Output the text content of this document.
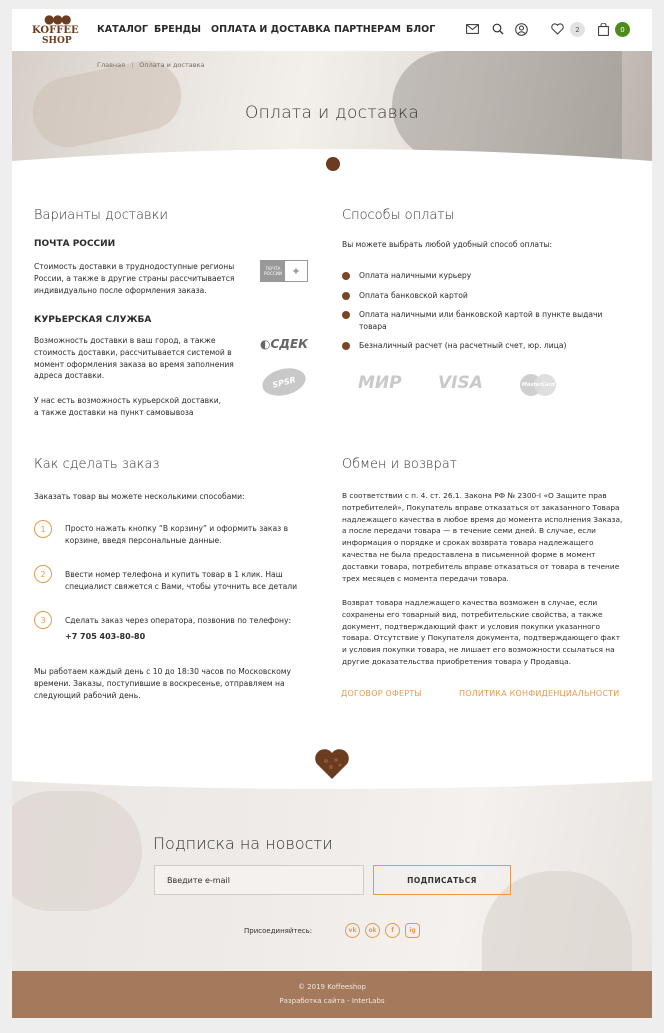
●●●
KOFFEE
SHOP
КАТАЛОГ БРЕНДЫ ОПЛАТА И ДОСТАВКА ПАРТНЕРАМ БЛОГ	2	0
Главная | Оплата и доставка
Оплата и доставка
Варианты доставки
ПОЧТА РОССИИ
Стоимость доставки в труднодоступные регионы
России, а также в другие страны рассчитывается
индивидуально после оформления заказа.
ПОЧТА РОССИИ ✦
КУРЬЕРСКАЯ СЛУЖБА
Возможность доставки в ваш город, а также
стоимость доставки, рассчитывается системой в
момент оформления заказа во время заполнения
адреса доставки.
У нас есть возможность курьерской доставки,
а также доставки на пункт самовывоза
◐СДЕК
SPSR
Способы оплаты
Вы можете выбрать любой удобный способ оплаты:
Оплата наличными курьеру
Оплата банковской картой
Оплата наличными или банковской картой в пункте выдачи
товара
Безналичный расчет (на расчетный счет, юр. лица)
МИР VISA	MasterCard
Как сделать заказ
Заказать товар вы можете несколькими способами:
1	Просто нажать кнопку “В корзину” и оформить заказ в
корзине, введя персональные данные.
2	Ввести номер телефона и купить товар в 1 клик. Наш
специалист свяжется с Вами, чтобы уточнить все детали
3	Сделать заказ через оператора, позвонив по телефону:
+7 705 403-80-80
Мы работаем каждый день с 10 до 18:30 часов по Московскому
времени. Заказы, поступившие в воскресенье, отправляем на
следующий рабочий день.
Обмен и возврат
В соответствии с п. 4. ст. 26.1. Закона РФ № 2300-I «О Защите прав
потребителей», Покупатель вправе отказаться от заказанного Товара
надлежащего качества в любое время до момента исполнения Заказа,
а после передачи товара — в течение семи дней. В случае, если
информация о порядке и сроках возврата товара надлежащего
качества не была предоставлена в письменной форме в момент
доставки товара, потребитель вправе отказаться от товара в течение
трех месяцев с момента передачи товара.
Возврат товара надлежащего качества возможен в случае, если
сохранены его товарный вид, потребительские свойства, а также
документ, подтверждающий факт и условия покупки указанного
товара. Отсутствие у Покупателя документа, подтверждающего факт
и условия покупки товара, не лишает его возможности ссылаться на
другие доказательства приобретения товара у Продавца.
ДОГОВОР ОФЕРТЫ	ПОЛИТИКА КОНФИДЕНЦИАЛЬНОСТИ
Подписка на новости
Введите e-mail	ПОДПИСАТЬСЯ
Присоединяйтесь:	vk	ok	f	ig
© 2019 Koffeeshop
Разработка сайта - InterLabs
